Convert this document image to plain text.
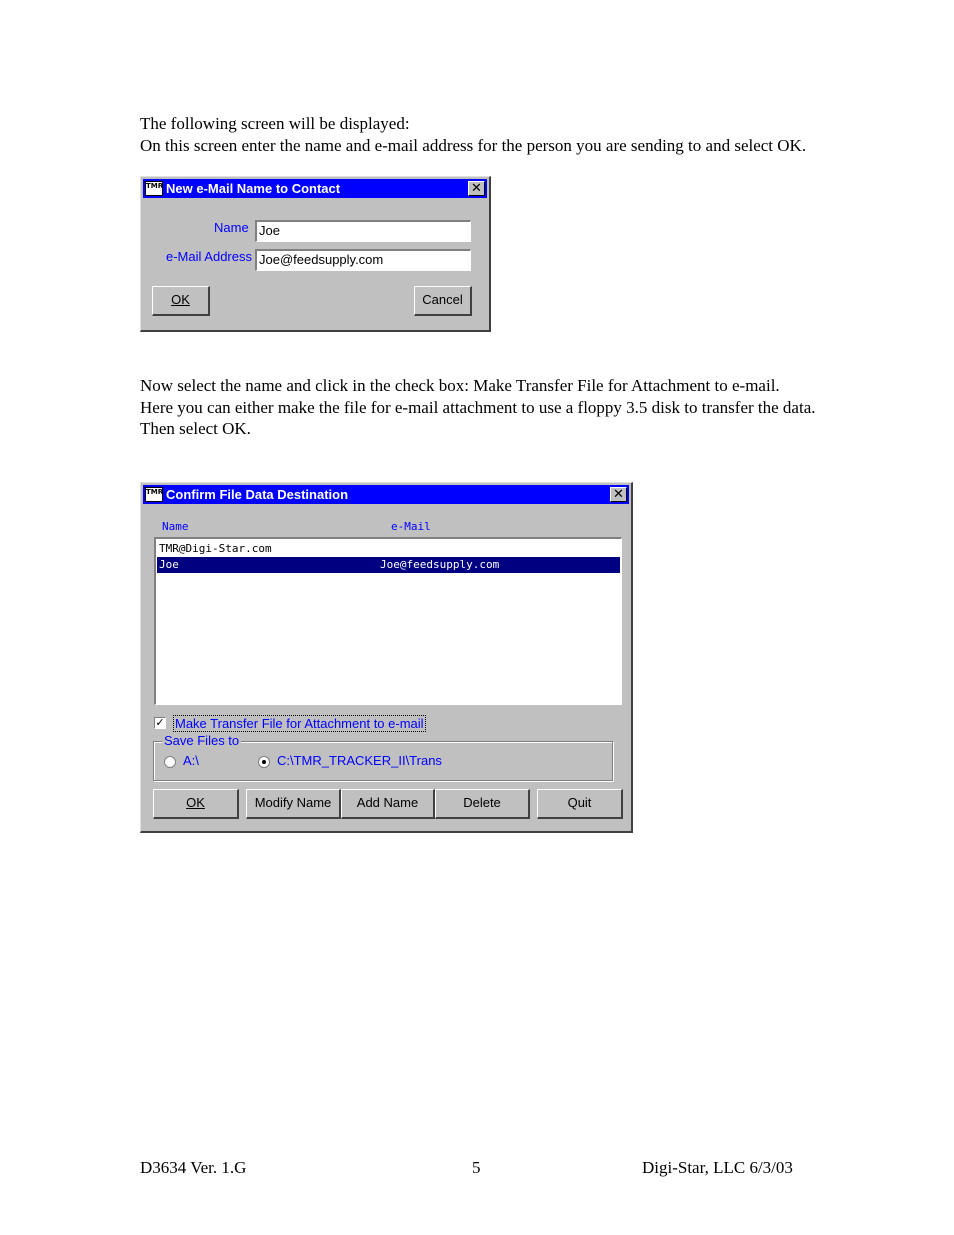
The following screen will be displayed:
On this screen enter the name and e-mail address for the person you are sending to and select OK.
TMR New e-Mail Name to Contact	✕
Name Joe
e-Mail Address Joe@feedsupply.com
OK	Cancel
Now select the name and click in the check box: Make Transfer File for Attachment to e-mail.
Here you can either make the file for e-mail attachment to use a floppy 3.5 disk to transfer the data.
Then select OK.
TMR Confirm File Data Destination	✕
Name	e-Mail
TMR@Digi-Star.com
Joe	Joe@feedsupply.com
✓ Make Transfer File for Attachment to e-mail
Save Files to
A:\	C:\TMR_TRACKER_II\Trans
OK	Modify Name	Add Name	Delete	Quit
D3634 Ver. 1.G	5	Digi-Star, LLC 6/3/03
